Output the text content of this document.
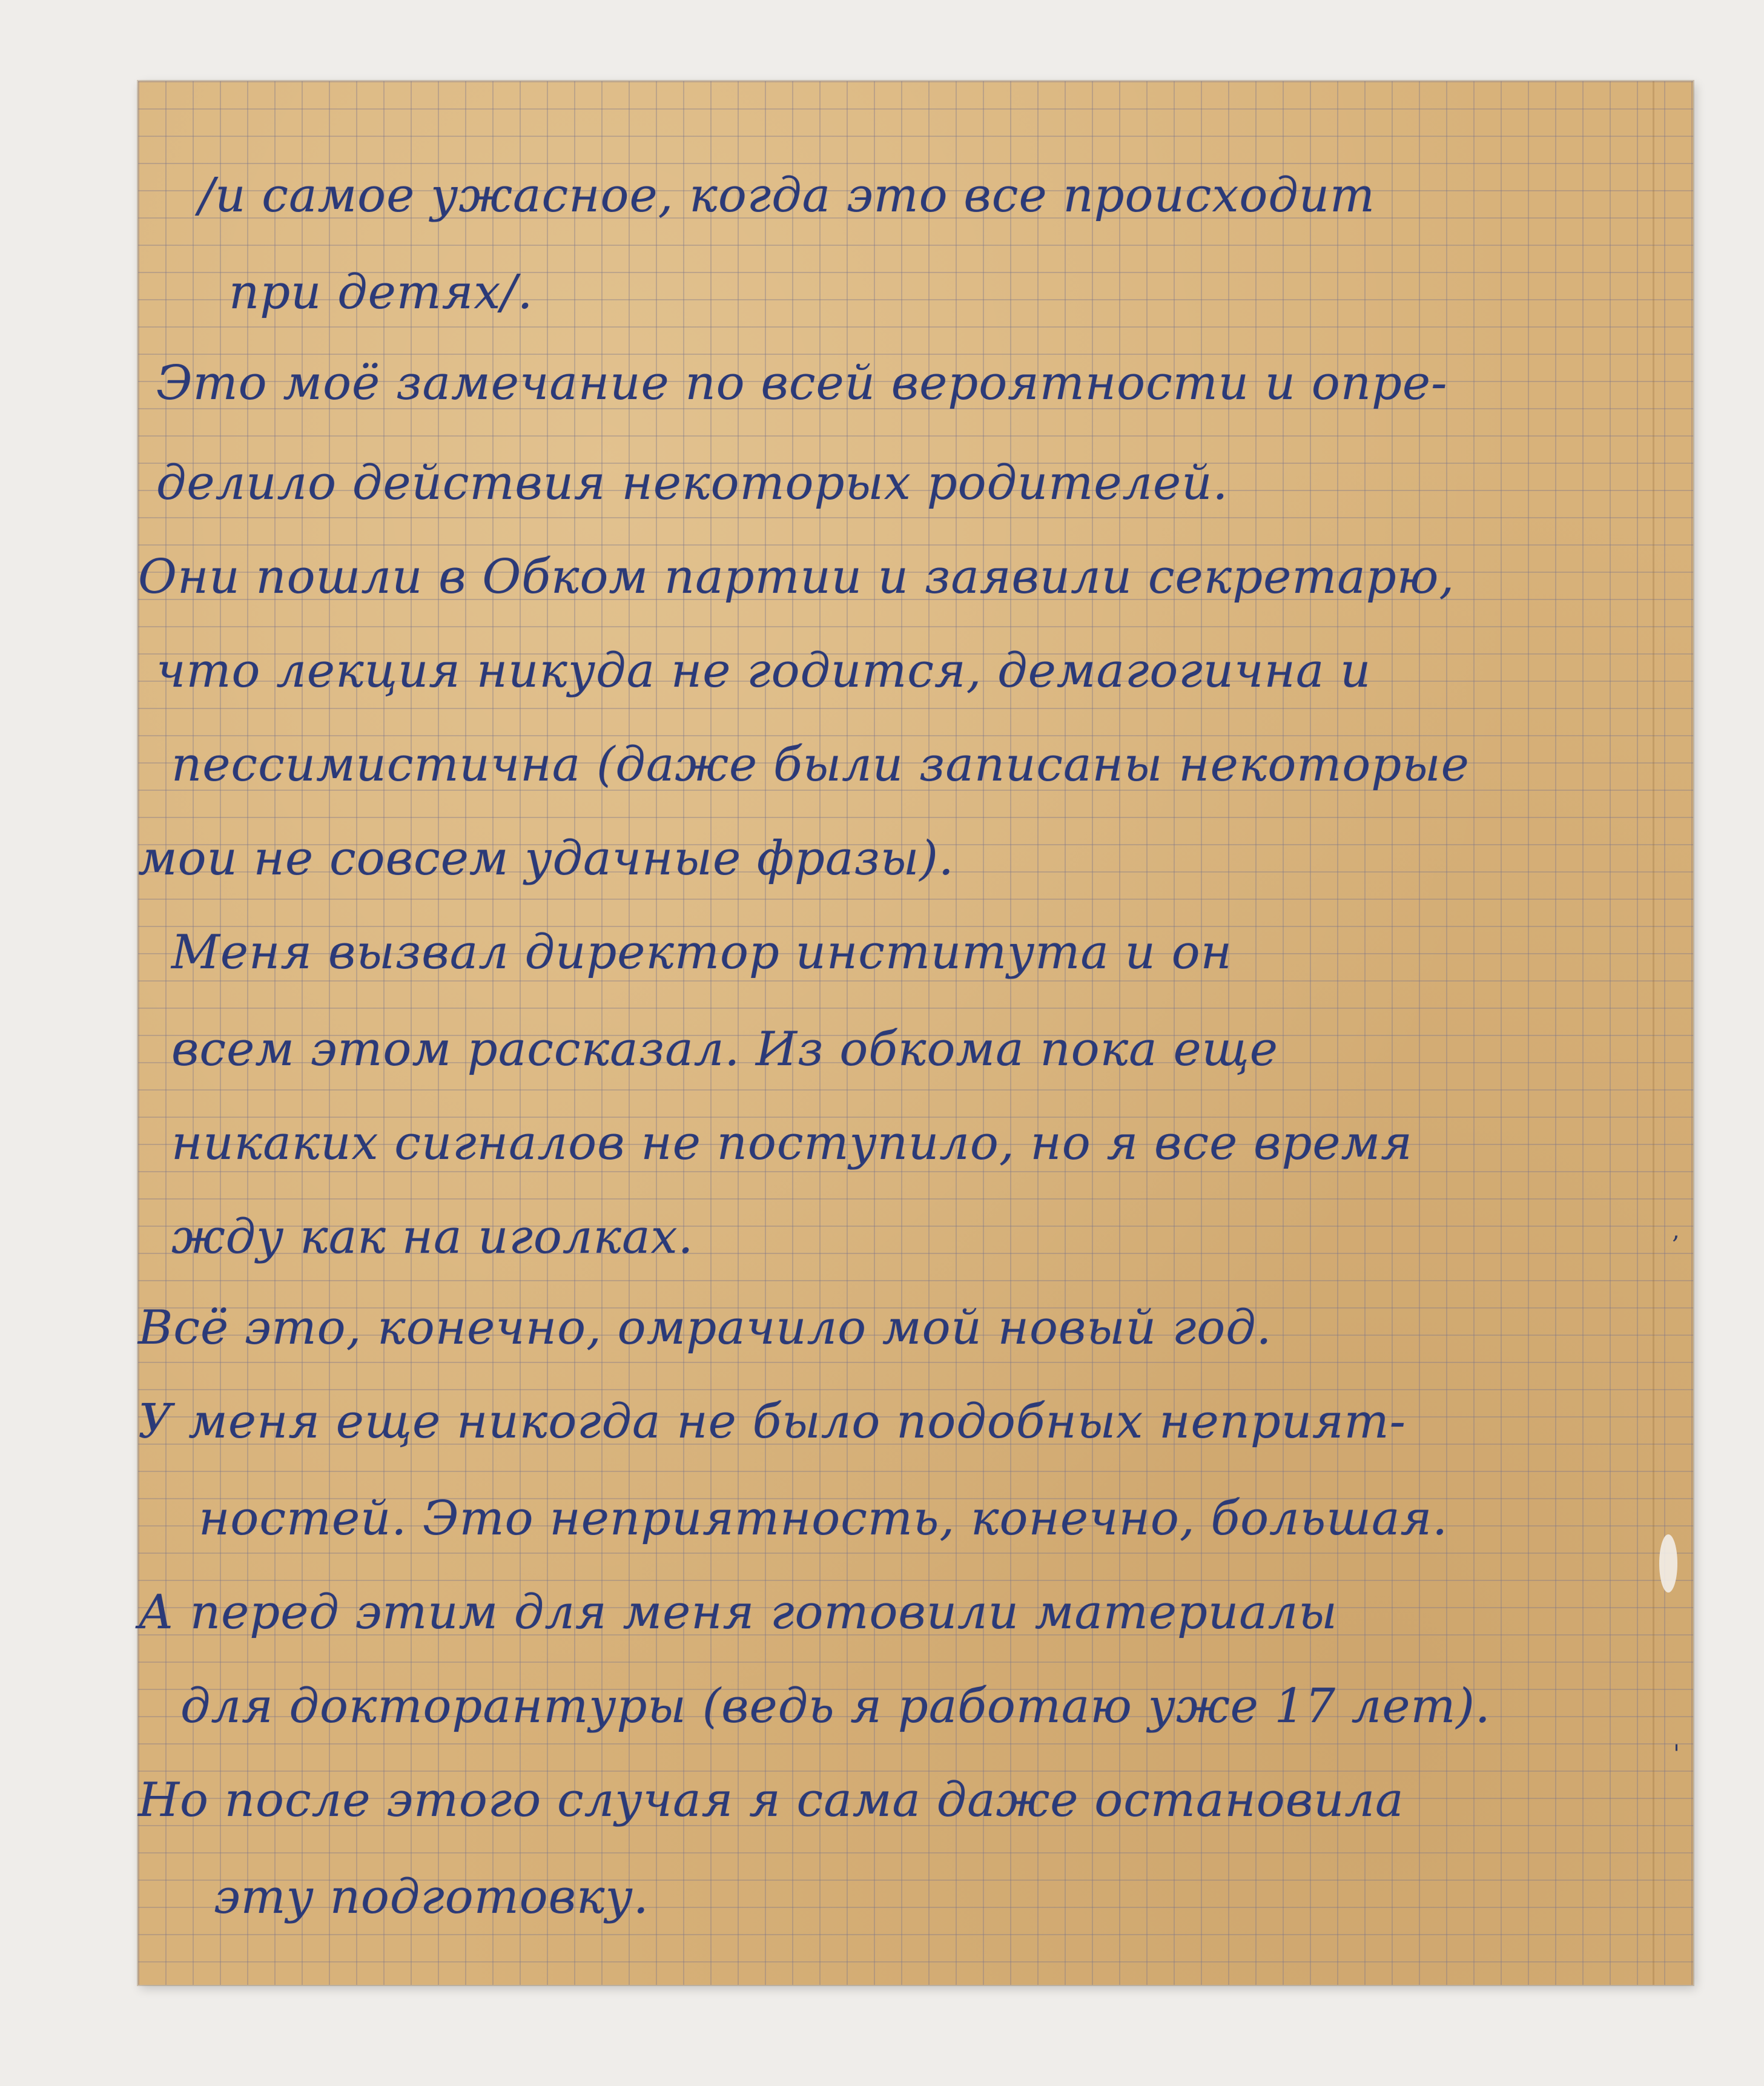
,
'
/и самое ужасное, когда это все происходит
при детях/.
Это моё замечание по всей вероятности и опре-
делило действия некоторых родителей.
Они пошли в Обком партии и заявили секретарю,
что лекция никуда не годится, демагогична и
пессимистична (даже были записаны некоторые
мои не совсем удачные фразы).
Меня вызвал директор института и он
всем этом рассказал. Из обкома пока еще
никаких сигналов не поступило, но я все время
жду как на иголках.
Всё это, конечно, омрачило мой новый год.
У меня еще никогда не было подобных неприят-
ностей. Это неприятность, конечно, большая.
А перед этим для меня готовили материалы
для докторантуры (ведь я работаю уже 17 лет).
Но после этого случая я сама даже остановила
эту подготовку.
